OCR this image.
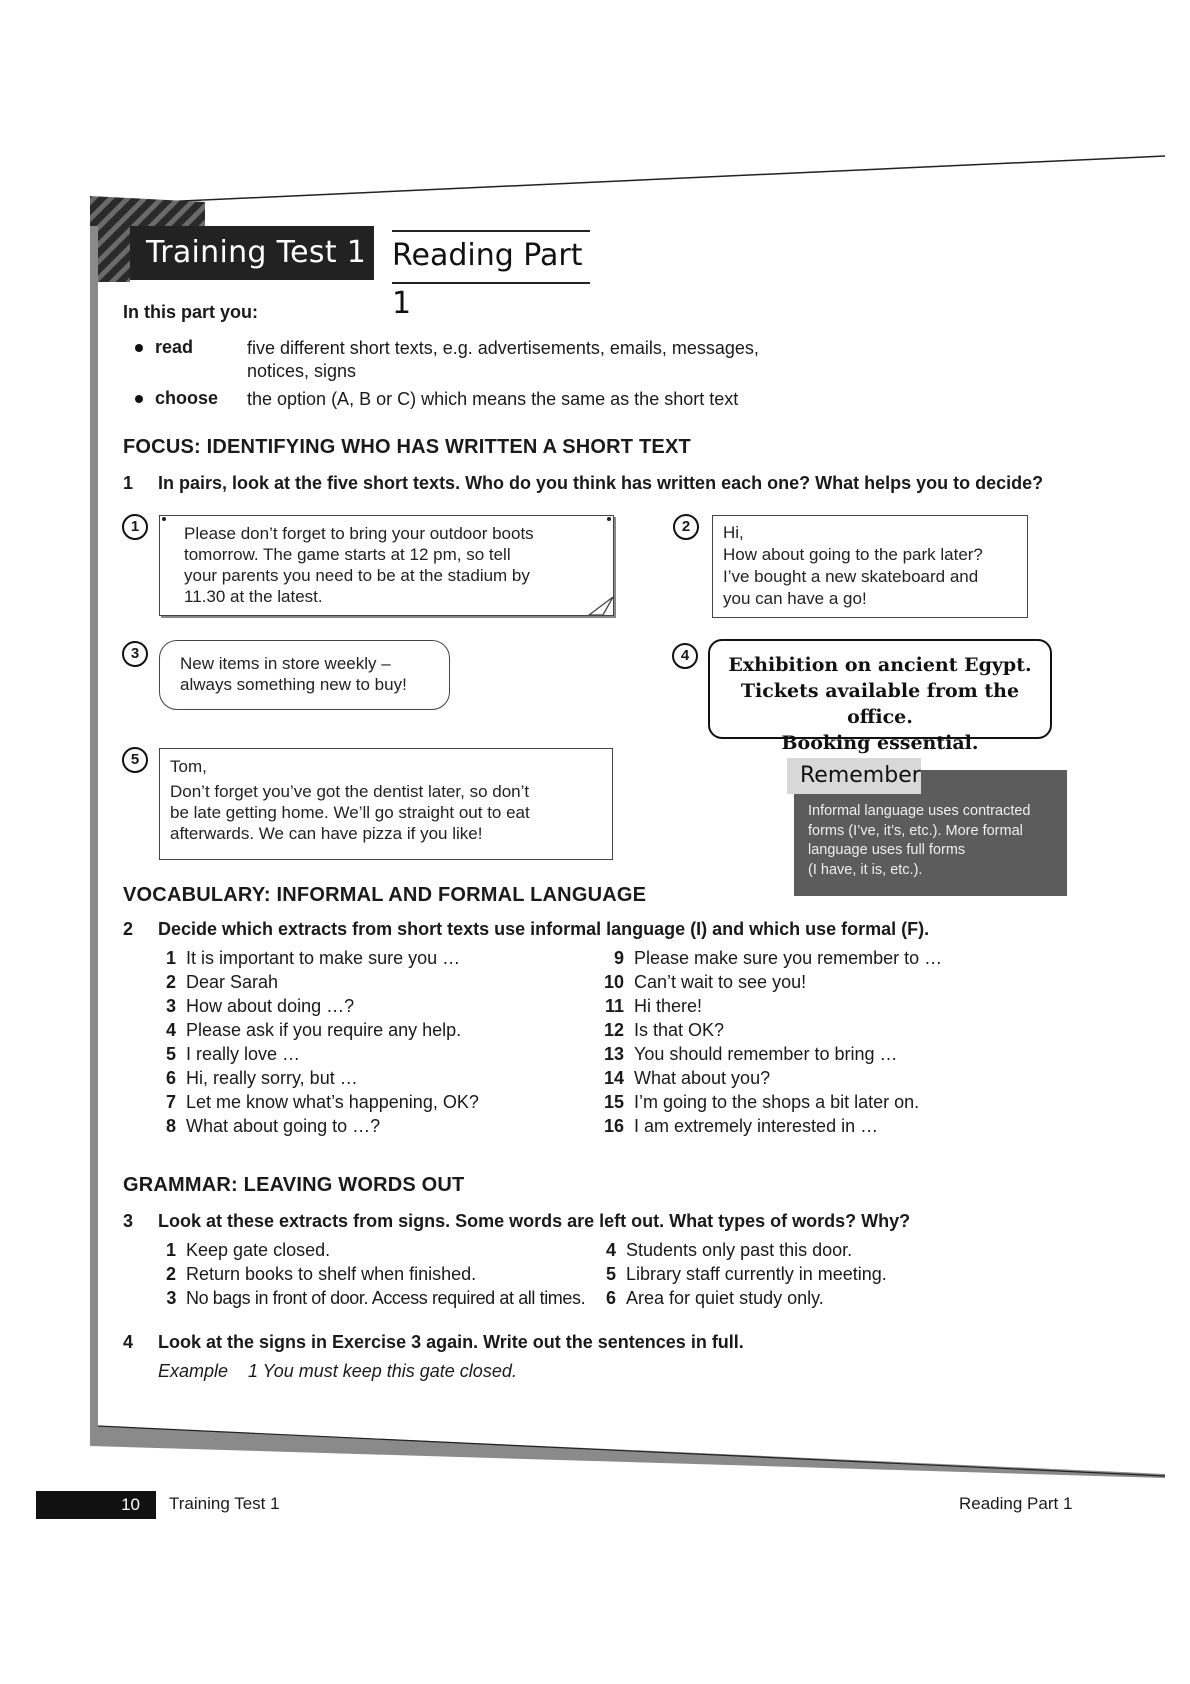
Training Test 1 Reading Part 1
In this part you:
read	five different short texts, e.g. advertisements, emails, messages,
notices, signs
choose	the option (A, B or C) which means the same as the short text
FOCUS: IDENTIFYING WHO HAS WRITTEN A SHORT TEXT
1 In pairs, look at the five short texts. Who do you think has written each one? What helps you to decide?
1	Please don’t forget to bring your outdoor boots
tomorrow. The game starts at 12 pm, so tell
your parents you need to be at the stadium by
11.30 at the latest.
2	Hi,
How about going to the park later?
I’ve bought a new skateboard and
you can have a go!
3
New items in store weekly –
always something new to buy!
4	Exhibition on ancient Egypt.
Tickets available from the office.
Booking essential.
5	Tom,
Don’t forget you’ve got the dentist later, so don’t
be late getting home. We’ll go straight out to eat
afterwards. We can have pizza if you like!
Informal language uses contracted
forms (I’ve, it’s, etc.). More formal
language uses full forms
(I have, it is, etc.).
Remember
VOCABULARY: INFORMAL AND FORMAL LANGUAGE
2 Decide which extracts from short texts use informal language (I) and which use formal (F).
1 It is important to make sure you …
2 Dear Sarah
3 How about doing …?
4 Please ask if you require any help.
5 I really love …
6 Hi, really sorry, but …
7 Let me know what’s happening, OK?
8 What about going to …?
9 Please make sure you remember to …
10 Can’t wait to see you!
11 Hi there!
12 Is that OK?
13 You should remember to bring …
14 What about you?
15 I’m going to the shops a bit later on.
16 I am extremely interested in …
GRAMMAR: LEAVING WORDS OUT
3 Look at these extracts from signs. Some words are left out. What types of words? Why?
1 Keep gate closed.
2 Return books to shelf when finished.
3 No bags in front of door. Access required at all times.
4 Students only past this door.
5 Library staff currently in meeting.
6 Area for quiet study only.
4 Look at the signs in Exercise 3 again. Write out the sentences in full.
Example 1 You must keep this gate closed.
10	Training Test 1	Reading Part 1
